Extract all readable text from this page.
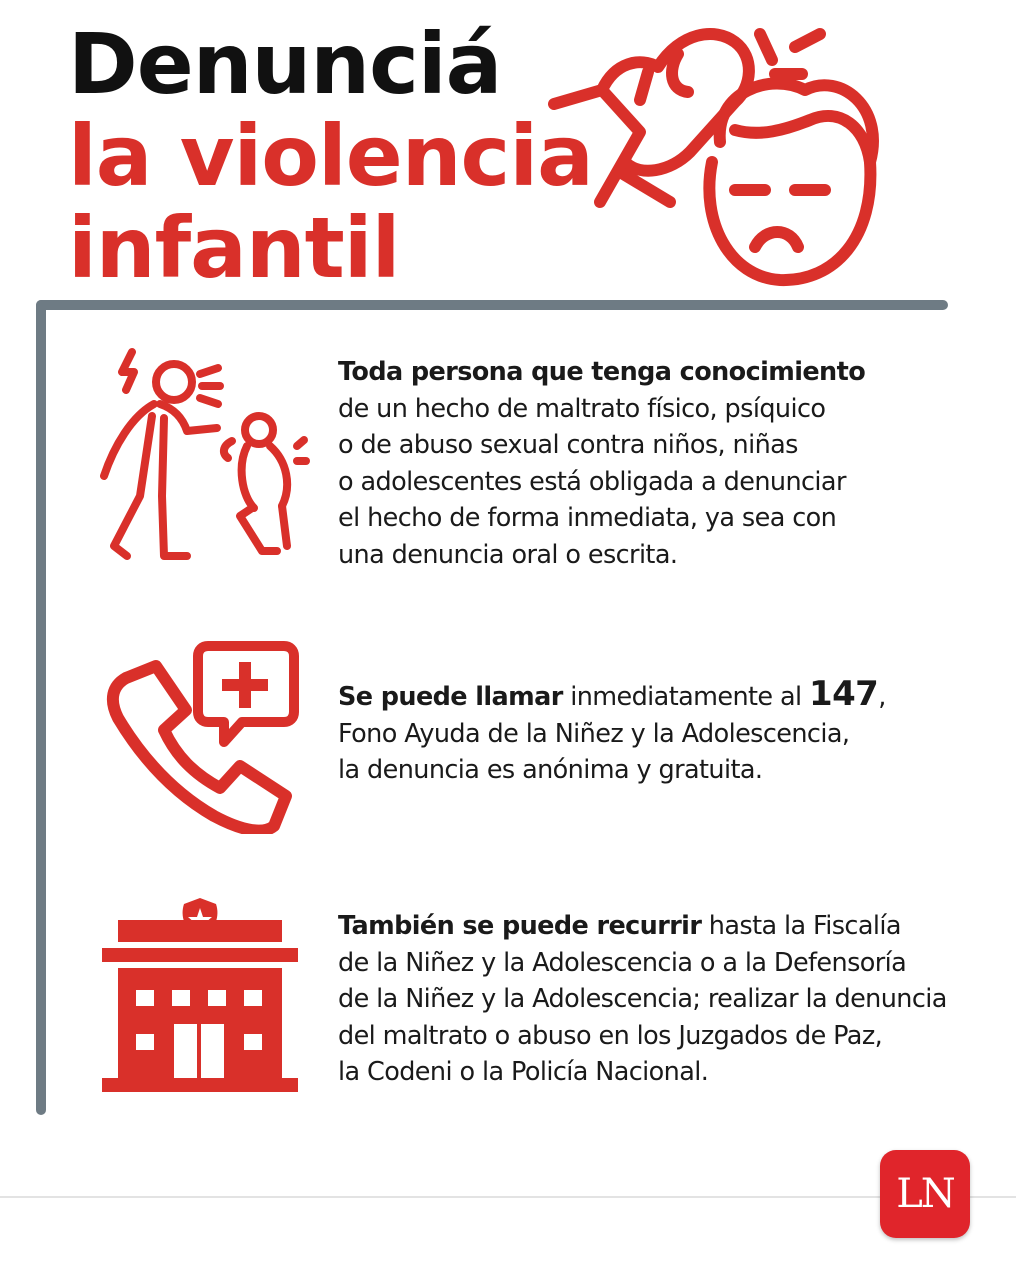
Denunciá
la violencia
infantil

Toda persona que tenga conocimiento
de un hecho de maltrato físico, psíquico
o de abuso sexual contra niños, niñas
o adolescentes está obligada a denunciar
el hecho de forma inmediata, ya sea con
una denuncia oral o escrita.

Se puede llamar inmediatamente al 147,
Fono Ayuda de la Niñez y la Adolescencia,
la denuncia es anónima y gratuita.

También se puede recurrir hasta la Fiscalía
de la Niñez y la Adolescencia o a la Defensoría
de la Niñez y la Adolescencia; realizar la denuncia
del maltrato o abuso en los Juzgados de Paz,
la Codeni o la Policía Nacional.

LN
